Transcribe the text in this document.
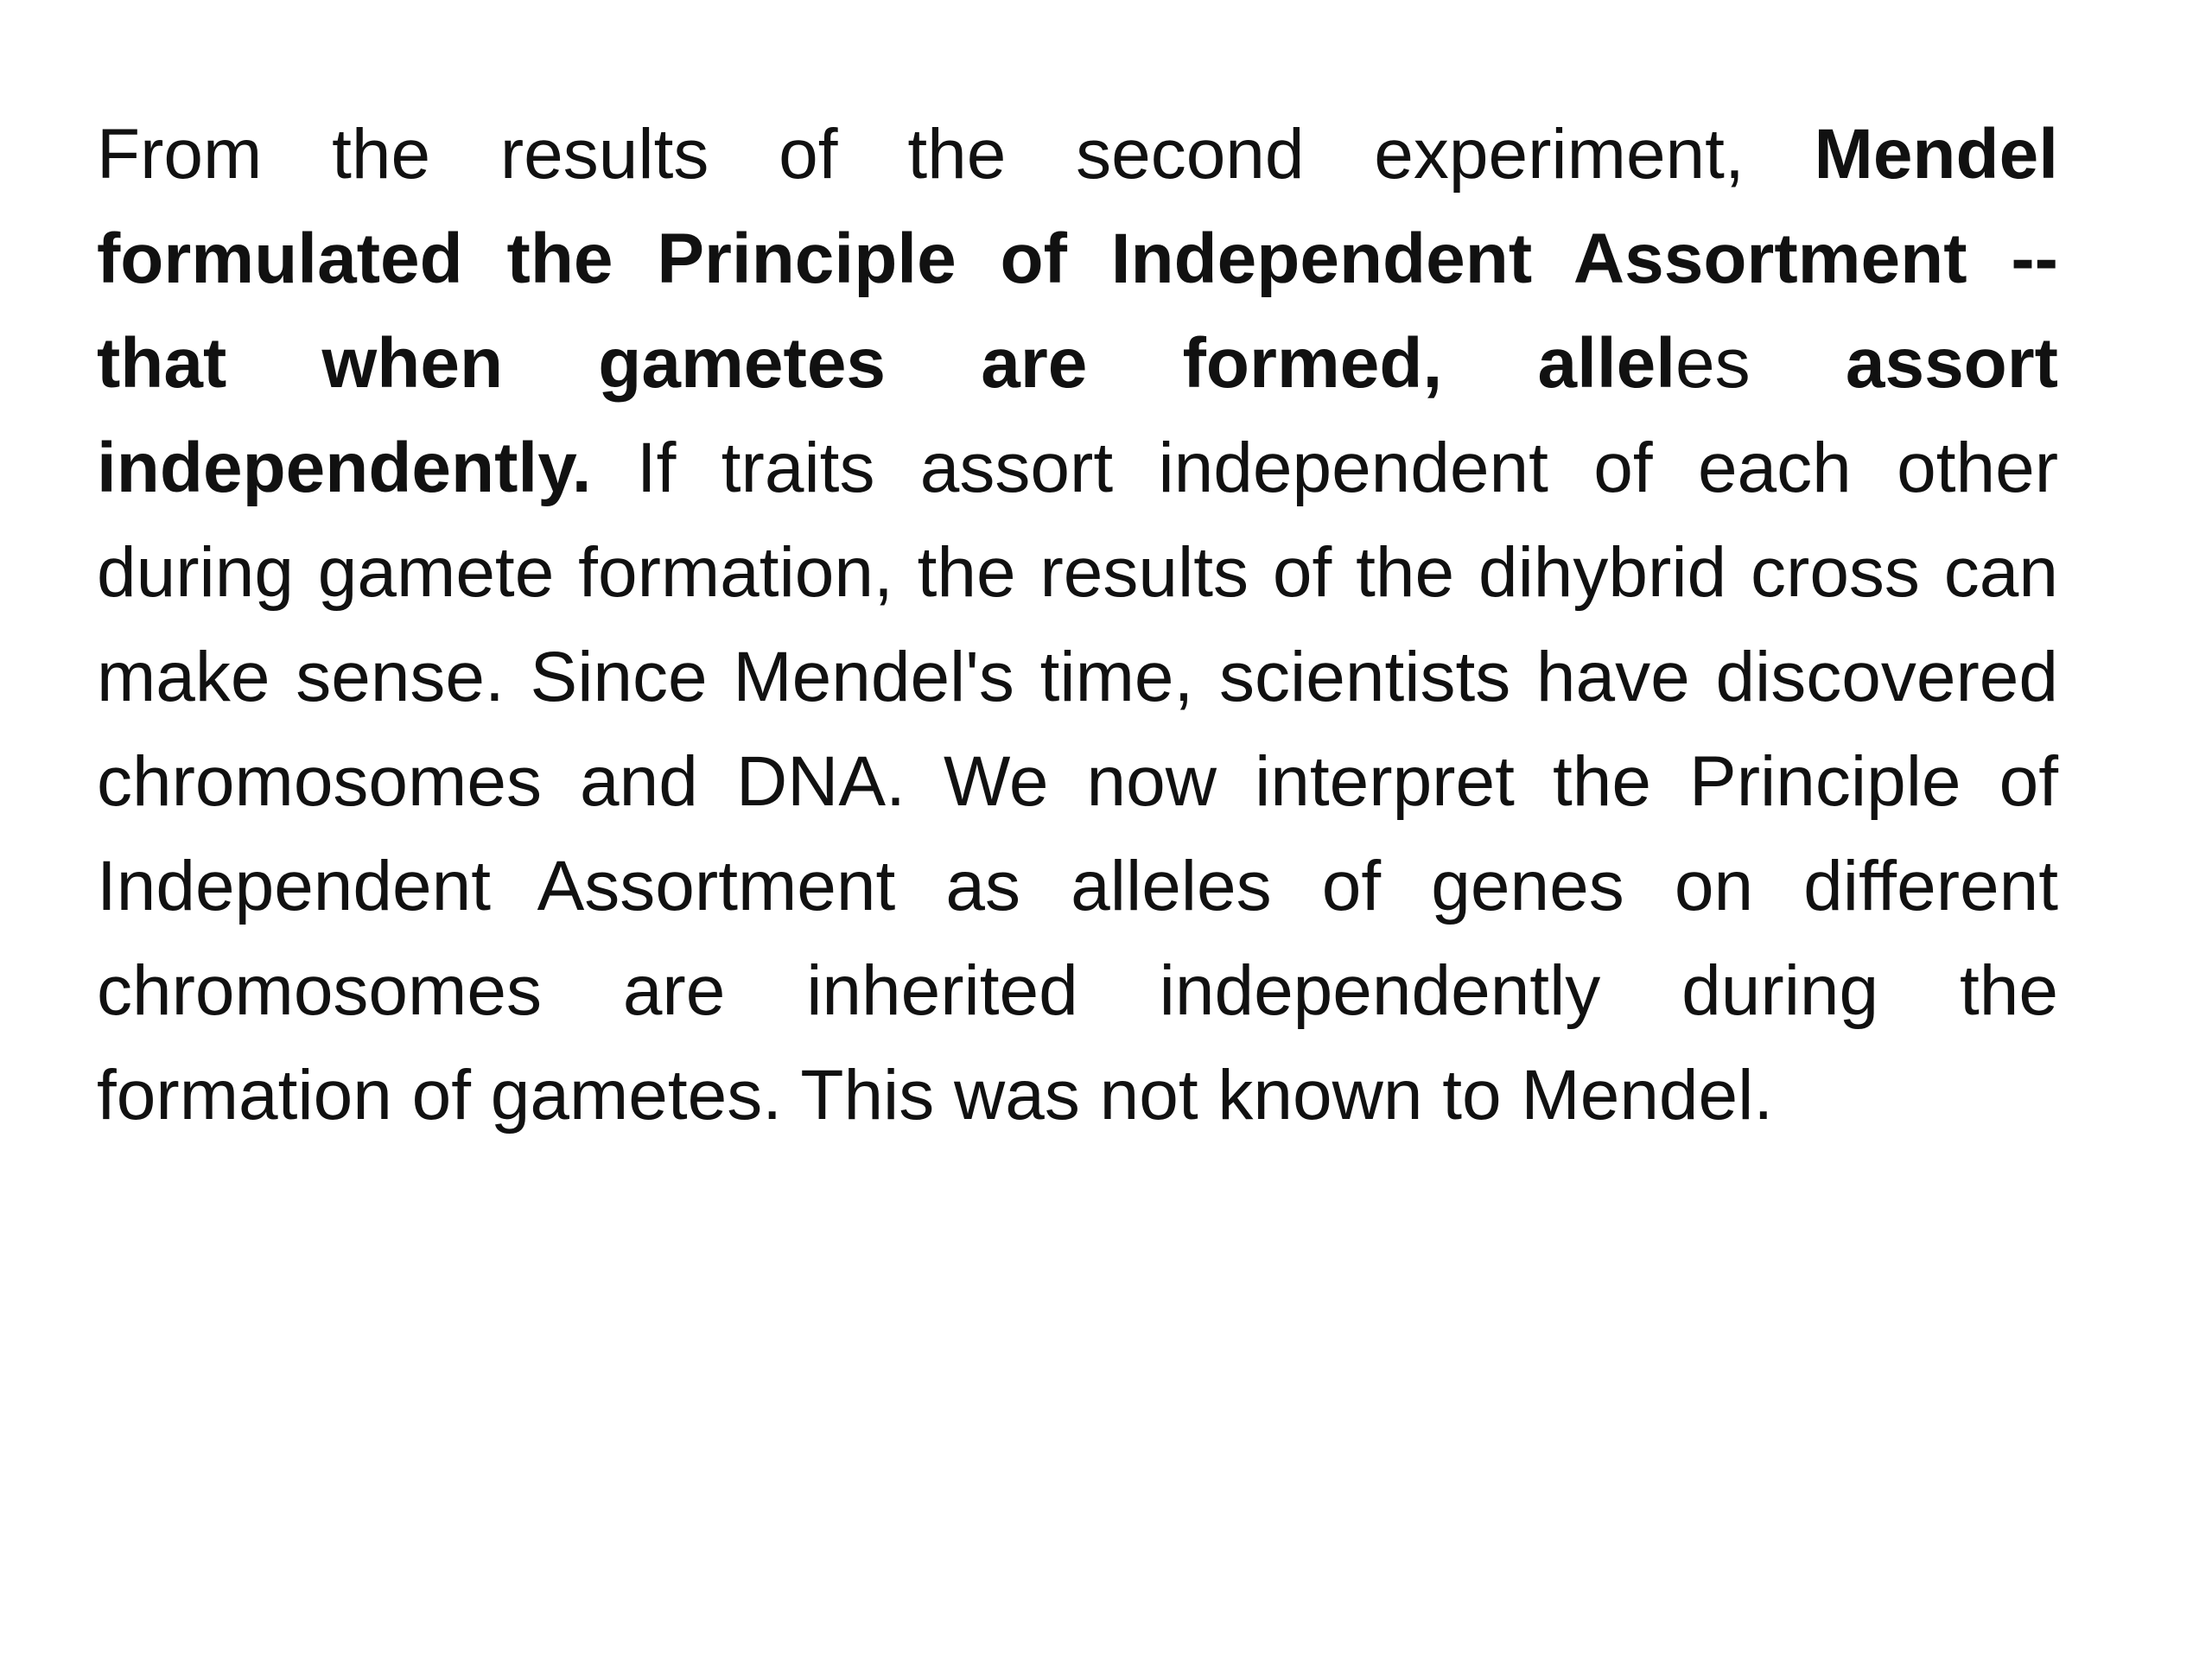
From the results of the second experiment, Mendel formulated the Principle of Independent Assortment -- that when gametes are formed, alleles assort independently. If traits assort independent of each other during gamete formation, the results of the dihybrid cross can make sense. Since Mendel's time, scientists have discovered chromosomes and DNA. We now interpret the Principle of Independent Assortment as alleles of genes on different chromosomes are inherited independently during the formation of gametes. This was not known to Mendel.
